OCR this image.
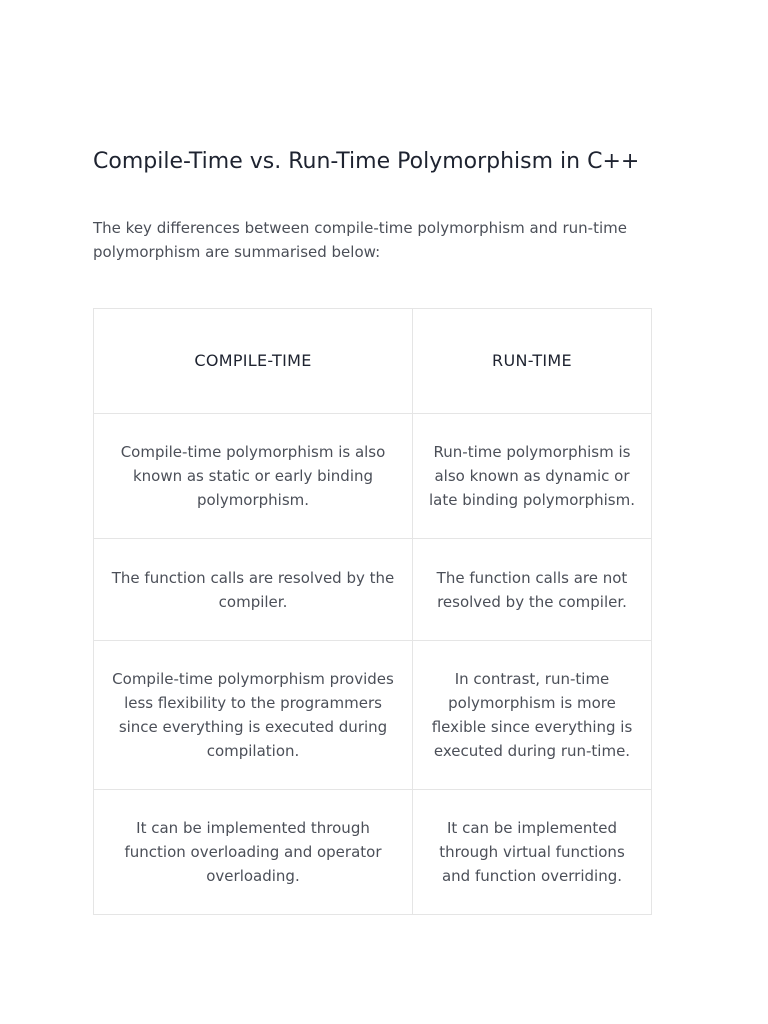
Compile-Time vs. Run-Time Polymorphism in C++

The key differences between compile-time polymorphism and run-time polymorphism are summarised below:

COMPILE-TIME	RUN-TIME
Compile-time polymorphism is also known as static or early binding polymorphism.	Run-time polymorphism is also known as dynamic or late binding polymorphism.
The function calls are resolved by the compiler.	The function calls are not resolved by the compiler.
Compile-time polymorphism provides less flexibility to the programmers since everything is executed during compilation.	In contrast, run-time polymorphism is more flexible since everything is executed during run-time.
It can be implemented through function overloading and operator overloading.	It can be implemented through virtual functions and function overriding.
